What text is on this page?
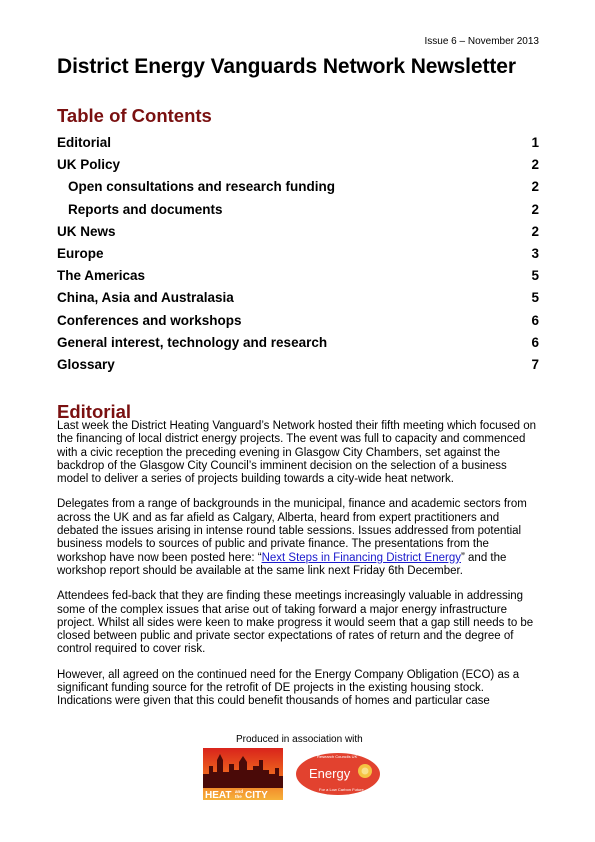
Issue 6 – November 2013
District Energy Vanguards Network Newsletter
Table of Contents
Editorial	1
UK Policy	2
Open consultations and research funding	2
Reports and documents	2
UK News	2
Europe	3
The Americas	5
China, Asia and Australasia	5
Conferences and workshops	6
General interest, technology and research	6
Glossary	7
Editorial

Last week the District Heating Vanguard’s Network hosted their fifth meeting which focused on the financing of local district energy projects. The event was full to capacity and commenced with a civic reception the preceding evening in Glasgow City Chambers, set against the backdrop of the Glasgow City Council’s imminent decision on the selection of a business model to deliver a series of projects building towards a city-wide heat network.

Delegates from a range of backgrounds in the municipal, finance and academic sectors from across the UK and as far afield as Calgary, Alberta, heard from expert practitioners and debated the issues arising in intense round table sessions. Issues addressed from potential business models to sources of public and private finance. The presentations from the workshop have now been posted here: “Next Steps in Financing District Energy” and the workshop report should be available at the same link next Friday 6th December.

Attendees fed-back that they are finding these meetings increasingly valuable in addressing some of the complex issues that arise out of taking forward a major energy infrastructure project. Whilst all sides were keen to make progress it would seem that a gap still needs to be closed between public and private sector expectations of rates of return and the degree of control required to cover risk.

However, all agreed on the continued need for the Energy Company Obligation (ECO) as a significant funding source for the retrofit of DE projects in the existing housing stock. Indications were given that this could benefit thousands of homes and particular case

Produced in association with
HEAT and
the CITY
Research Councils UK
Energy
For a Low Carbon Future
